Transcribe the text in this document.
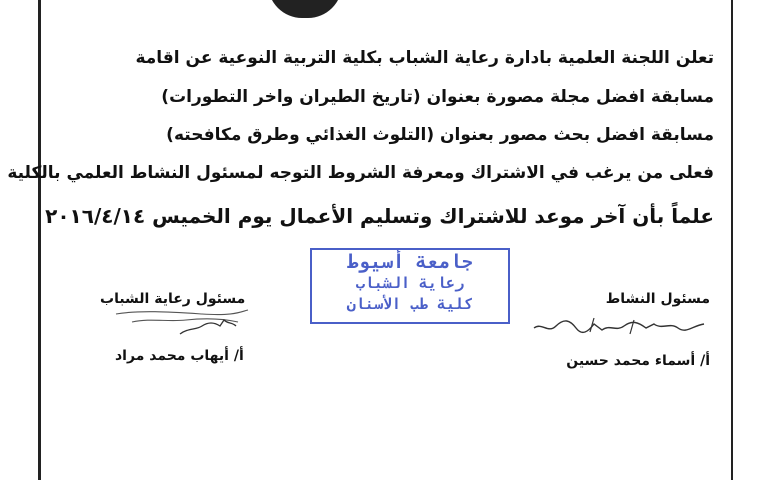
تعلن اللجنة العلمية بادارة رعاية الشباب بكلية التربية النوعية عن اقامة
مسابقة افضل مجلة مصورة بعنوان (تاريخ الطيران واخر التطورات)
مسابقة افضل بحث مصور بعنوان (التلوث الغذائي وطرق مكافحته)
فعلى من يرغب في الاشتراك ومعرفة الشروط التوجه لمسئول النشاط العلمي بالكلية
علماً بأن آخر موعد للاشتراك وتسليم الأعمال يوم الخميس ٢٠١٦/٤/١٤
جامعة أسيوط
رعاية الشباب
كلية طب الأسنان	مسئول النشاط
أ/ أسماء محمد حسين
مسئول رعاية الشباب
أ/ أيهاب محمد مراد
